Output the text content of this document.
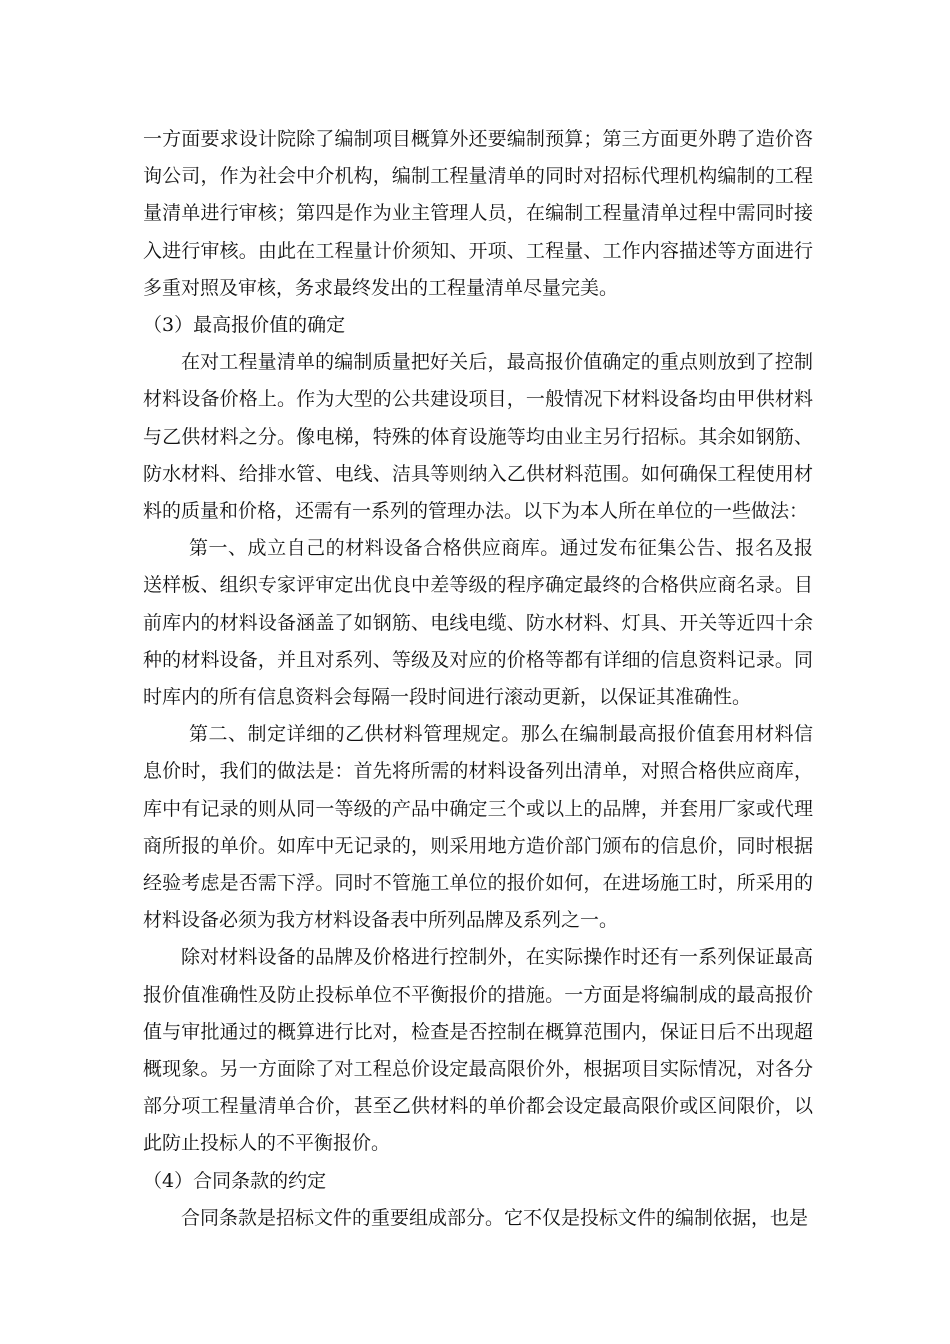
一方面要求设计院除了编制项目概算外还要编制预算；第三方面更外聘了造价咨询公司，作为社会中介机构，编制工程量清单的同时对招标代理机构编制的工程量清单进行审核；第四是作为业主管理人员，在编制工程量清单过程中需同时接入进行审核。由此在工程量计价须知、开项、工程量、工作内容描述等方面进行多重对照及审核，务求最终发出的工程量清单尽量完美。

（3）最高报价值的确定

在对工程量清单的编制质量把好关后，最高报价值确定的重点则放到了控制材料设备价格上。作为大型的公共建设项目，一般情况下材料设备均由甲供材料与乙供材料之分。像电梯，特殊的体育设施等均由业主另行招标。其余如钢筋、防水材料、给排水管、电线、洁具等则纳入乙供材料范围。如何确保工程使用材料的质量和价格，还需有一系列的管理办法。以下为本人所在单位的一些做法：

第一、成立自己的材料设备合格供应商库。通过发布征集公告、报名及报送样板、组织专家评审定出优良中差等级的程序确定最终的合格供应商名录。目前库内的材料设备涵盖了如钢筋、电线电缆、防水材料、灯具、开关等近四十余种的材料设备，并且对系列、等级及对应的价格等都有详细的信息资料记录。同时库内的所有信息资料会每隔一段时间进行滚动更新，以保证其准确性。

第二、制定详细的乙供材料管理规定。那么在编制最高报价值套用材料信息价时，我们的做法是：首先将所需的材料设备列出清单，对照合格供应商库，库中有记录的则从同一等级的产品中确定三个或以上的品牌，并套用厂家或代理商所报的单价。如库中无记录的，则采用地方造价部门颁布的信息价，同时根据经验考虑是否需下浮。同时不管施工单位的报价如何，在进场施工时，所采用的材料设备必须为我方材料设备表中所列品牌及系列之一。

除对材料设备的品牌及价格进行控制外，在实际操作时还有一系列保证最高报价值准确性及防止投标单位不平衡报价的措施。一方面是将编制成的最高报价值与审批通过的概算进行比对，检查是否控制在概算范围内，保证日后不出现超概现象。另一方面除了对工程总价设定最高限价外，根据项目实际情况，对各分部分项工程量清单合价，甚至乙供材料的单价都会设定最高限价或区间限价，以此防止投标人的不平衡报价。

（4）合同条款的约定

合同条款是招标文件的重要组成部分。它不仅是投标文件的编制依据，也是
